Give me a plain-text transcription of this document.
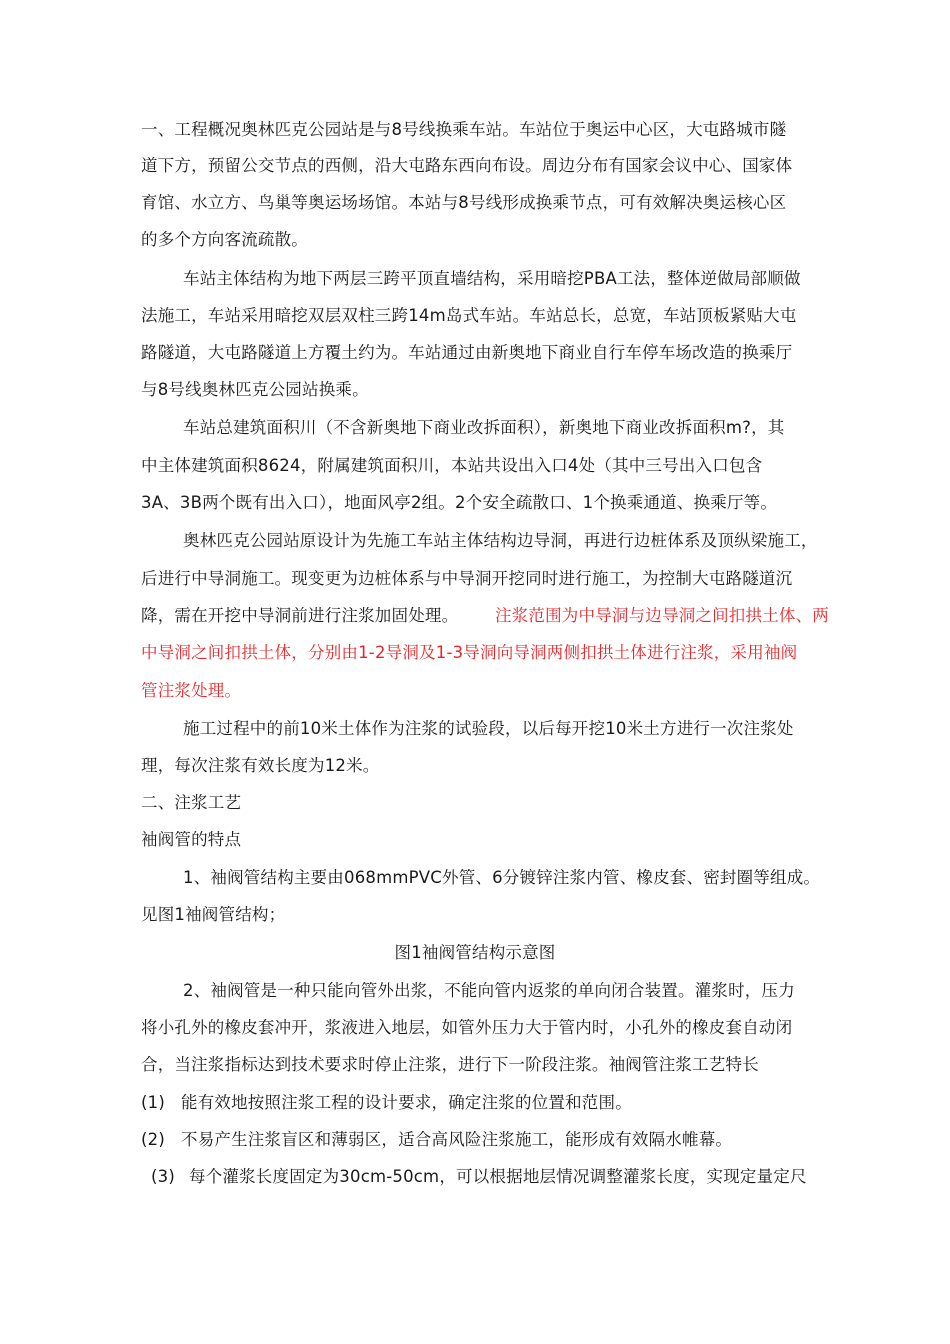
一、工程概况奥林匹克公园站是与8号线换乘车站。车站位于奥运中心区，大屯路城市隧
道下方，预留公交节点的西侧，沿大屯路东西向布设。周边分布有国家会议中心、国家体
育馆、水立方、鸟巢等奥运场场馆。本站与8号线形成换乘节点，可有效解决奥运核心区
的多个方向客流疏散。
车站主体结构为地下两层三跨平顶直墙结构，采用暗挖PBA工法，整体逆做局部顺做
法施工，车站采用暗挖双层双柱三跨14m岛式车站。车站总长，总宽，车站顶板紧贴大屯
路隧道，大屯路隧道上方覆土约为。车站通过由新奥地下商业自行车停车场改造的换乘厅
与8号线奥林匹克公园站换乘。
车站总建筑面积川（不含新奥地下商业改拆面积），新奥地下商业改拆面积m?，其
中主体建筑面积8624，附属建筑面积川，本站共设出入口4处（其中三号出入口包含
3A、3B两个既有出入口），地面风亭2组。2个安全疏散口、1个换乘通道、换乘厅等。
奥林匹克公园站原设计为先施工车站主体结构边导洞，再进行边桩体系及顶纵梁施工，
后进行中导洞施工。现变更为边桩体系与中导洞开挖同时进行施工，为控制大屯路隧道沉
降，需在开挖中导洞前进行注浆加固处理。 注浆范围为中导洞与边导洞之间扣拱土体、两
中导洞之间扣拱土体，分别由1-2导洞及1-3导洞向导洞两侧扣拱土体进行注浆，采用袖阀
管注浆处理。
施工过程中的前10米土体作为注浆的试验段，以后每开挖10米土方进行一次注浆处
理，每次注浆有效长度为12米。
二、注浆工艺
袖阀管的特点
1、袖阀管结构主要由068mmPVC外管、6分镀锌注浆内管、橡皮套、密封圈等组成。
见图1袖阀管结构；
图1袖阀管结构示意图
2、袖阀管是一种只能向管外出浆，不能向管内返浆的单向闭合装置。灌浆时，压力
将小孔外的橡皮套冲开，浆液进入地层，如管外压力大于管内时，小孔外的橡皮套自动闭
合，当注浆指标达到技术要求时停止注浆，进行下一阶段注浆。袖阀管注浆工艺特长
(1) 能有效地按照注浆工程的设计要求，确定注浆的位置和范围。
(2) 不易产生注浆盲区和薄弱区，适合高风险注浆施工，能形成有效隔水帷幕。
(3) 每个灌浆长度固定为30cm-50cm，可以根据地层情况调整灌浆长度，实现定量定尺
